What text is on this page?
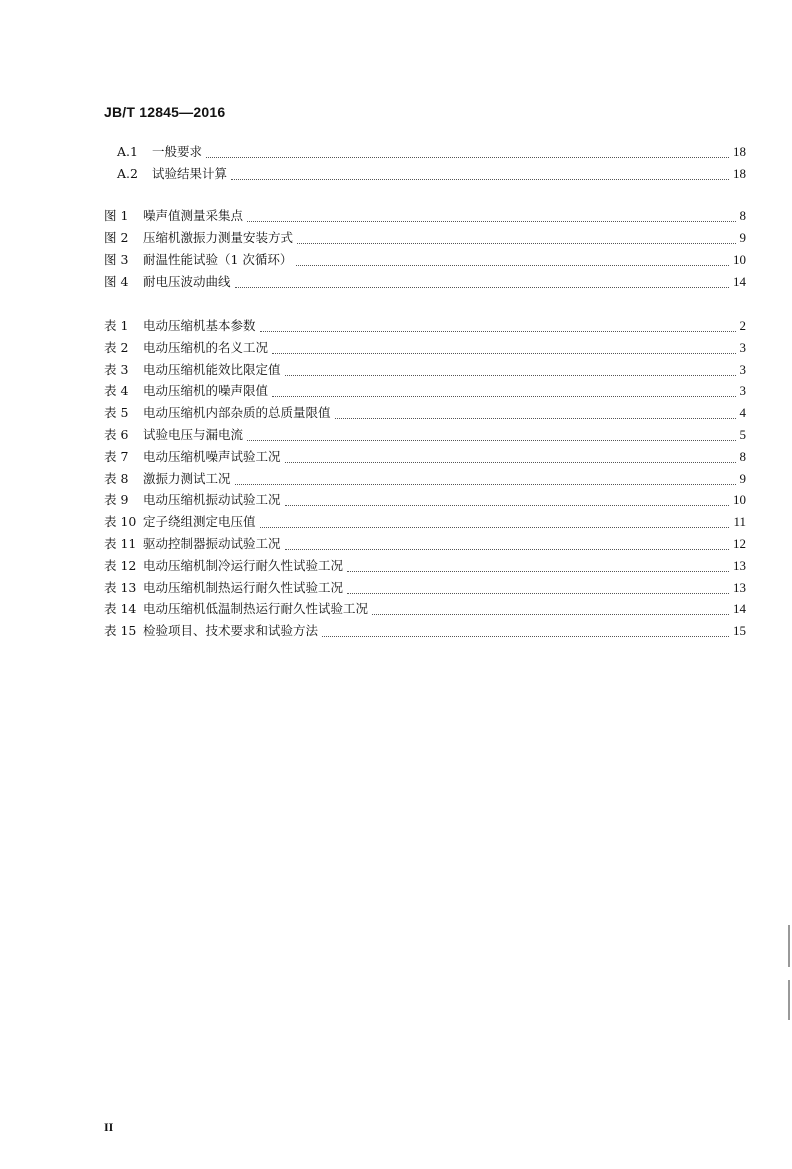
JB/T 12845—2016
A.1 一般要求	18
A.2 试验结果计算	18
图 1 噪声值测量采集点	8
图 2 压缩机激振力测量安装方式	9
图 3 耐温性能试验（1 次循环）	10
图 4 耐电压波动曲线	14
表 1 电动压缩机基本参数	2
表 2 电动压缩机的名义工况	3
表 3 电动压缩机能效比限定值	3
表 4 电动压缩机的噪声限值	3
表 5 电动压缩机内部杂质的总质量限值	4
表 6 试验电压与漏电流	5
表 7 电动压缩机噪声试验工况	8
表 8 激振力测试工况	9
表 9 电动压缩机振动试验工况	10
表 10 定子绕组测定电压值	11
表 11 驱动控制器振动试验工况	12
表 12 电动压缩机制冷运行耐久性试验工况	13
表 13 电动压缩机制热运行耐久性试验工况	13
表 14 电动压缩机低温制热运行耐久性试验工况	14
表 15 检验项目、技术要求和试验方法	15
II
